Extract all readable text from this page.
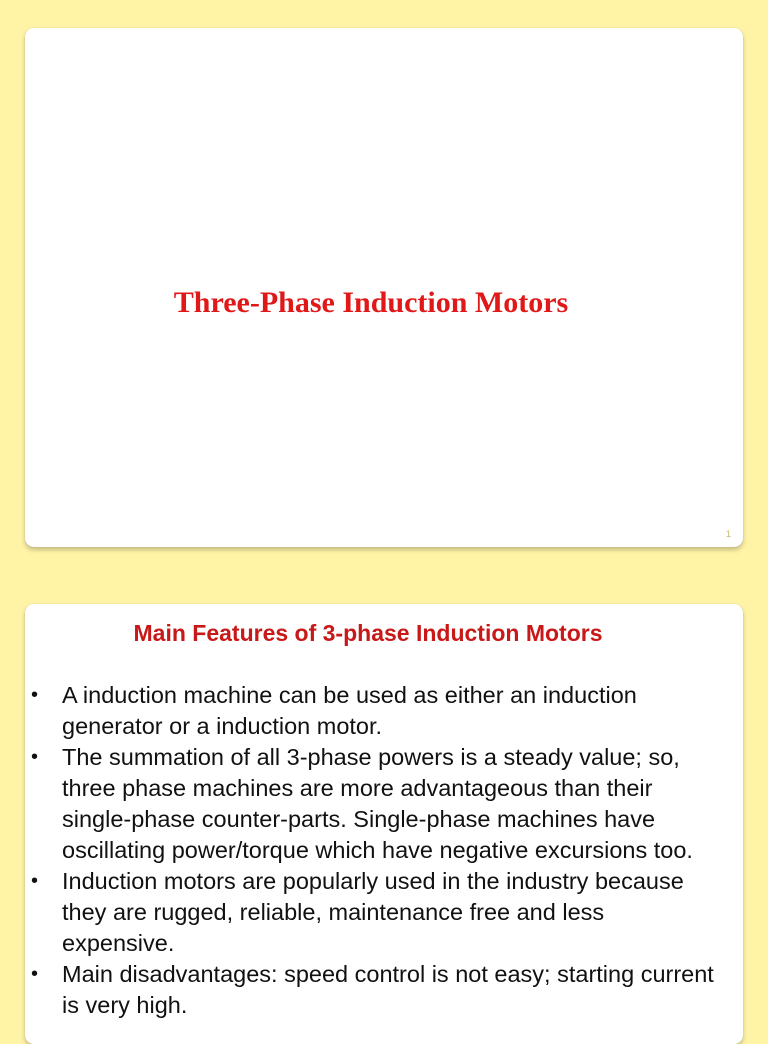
Three-Phase Induction Motors
1
Main Features of 3-phase Induction Motors
• A induction machine can be used as either an induction generator or a induction motor.
• The summation of all 3-phase powers is a steady value; so, three phase machines are more advantageous than their single-phase counter-parts. Single-phase machines have oscillating power/torque which have negative excursions too.
• Induction motors are popularly used in the industry because they are rugged, reliable, maintenance free and less expensive.
• Main disadvantages: speed control is not easy; starting current is very high.
